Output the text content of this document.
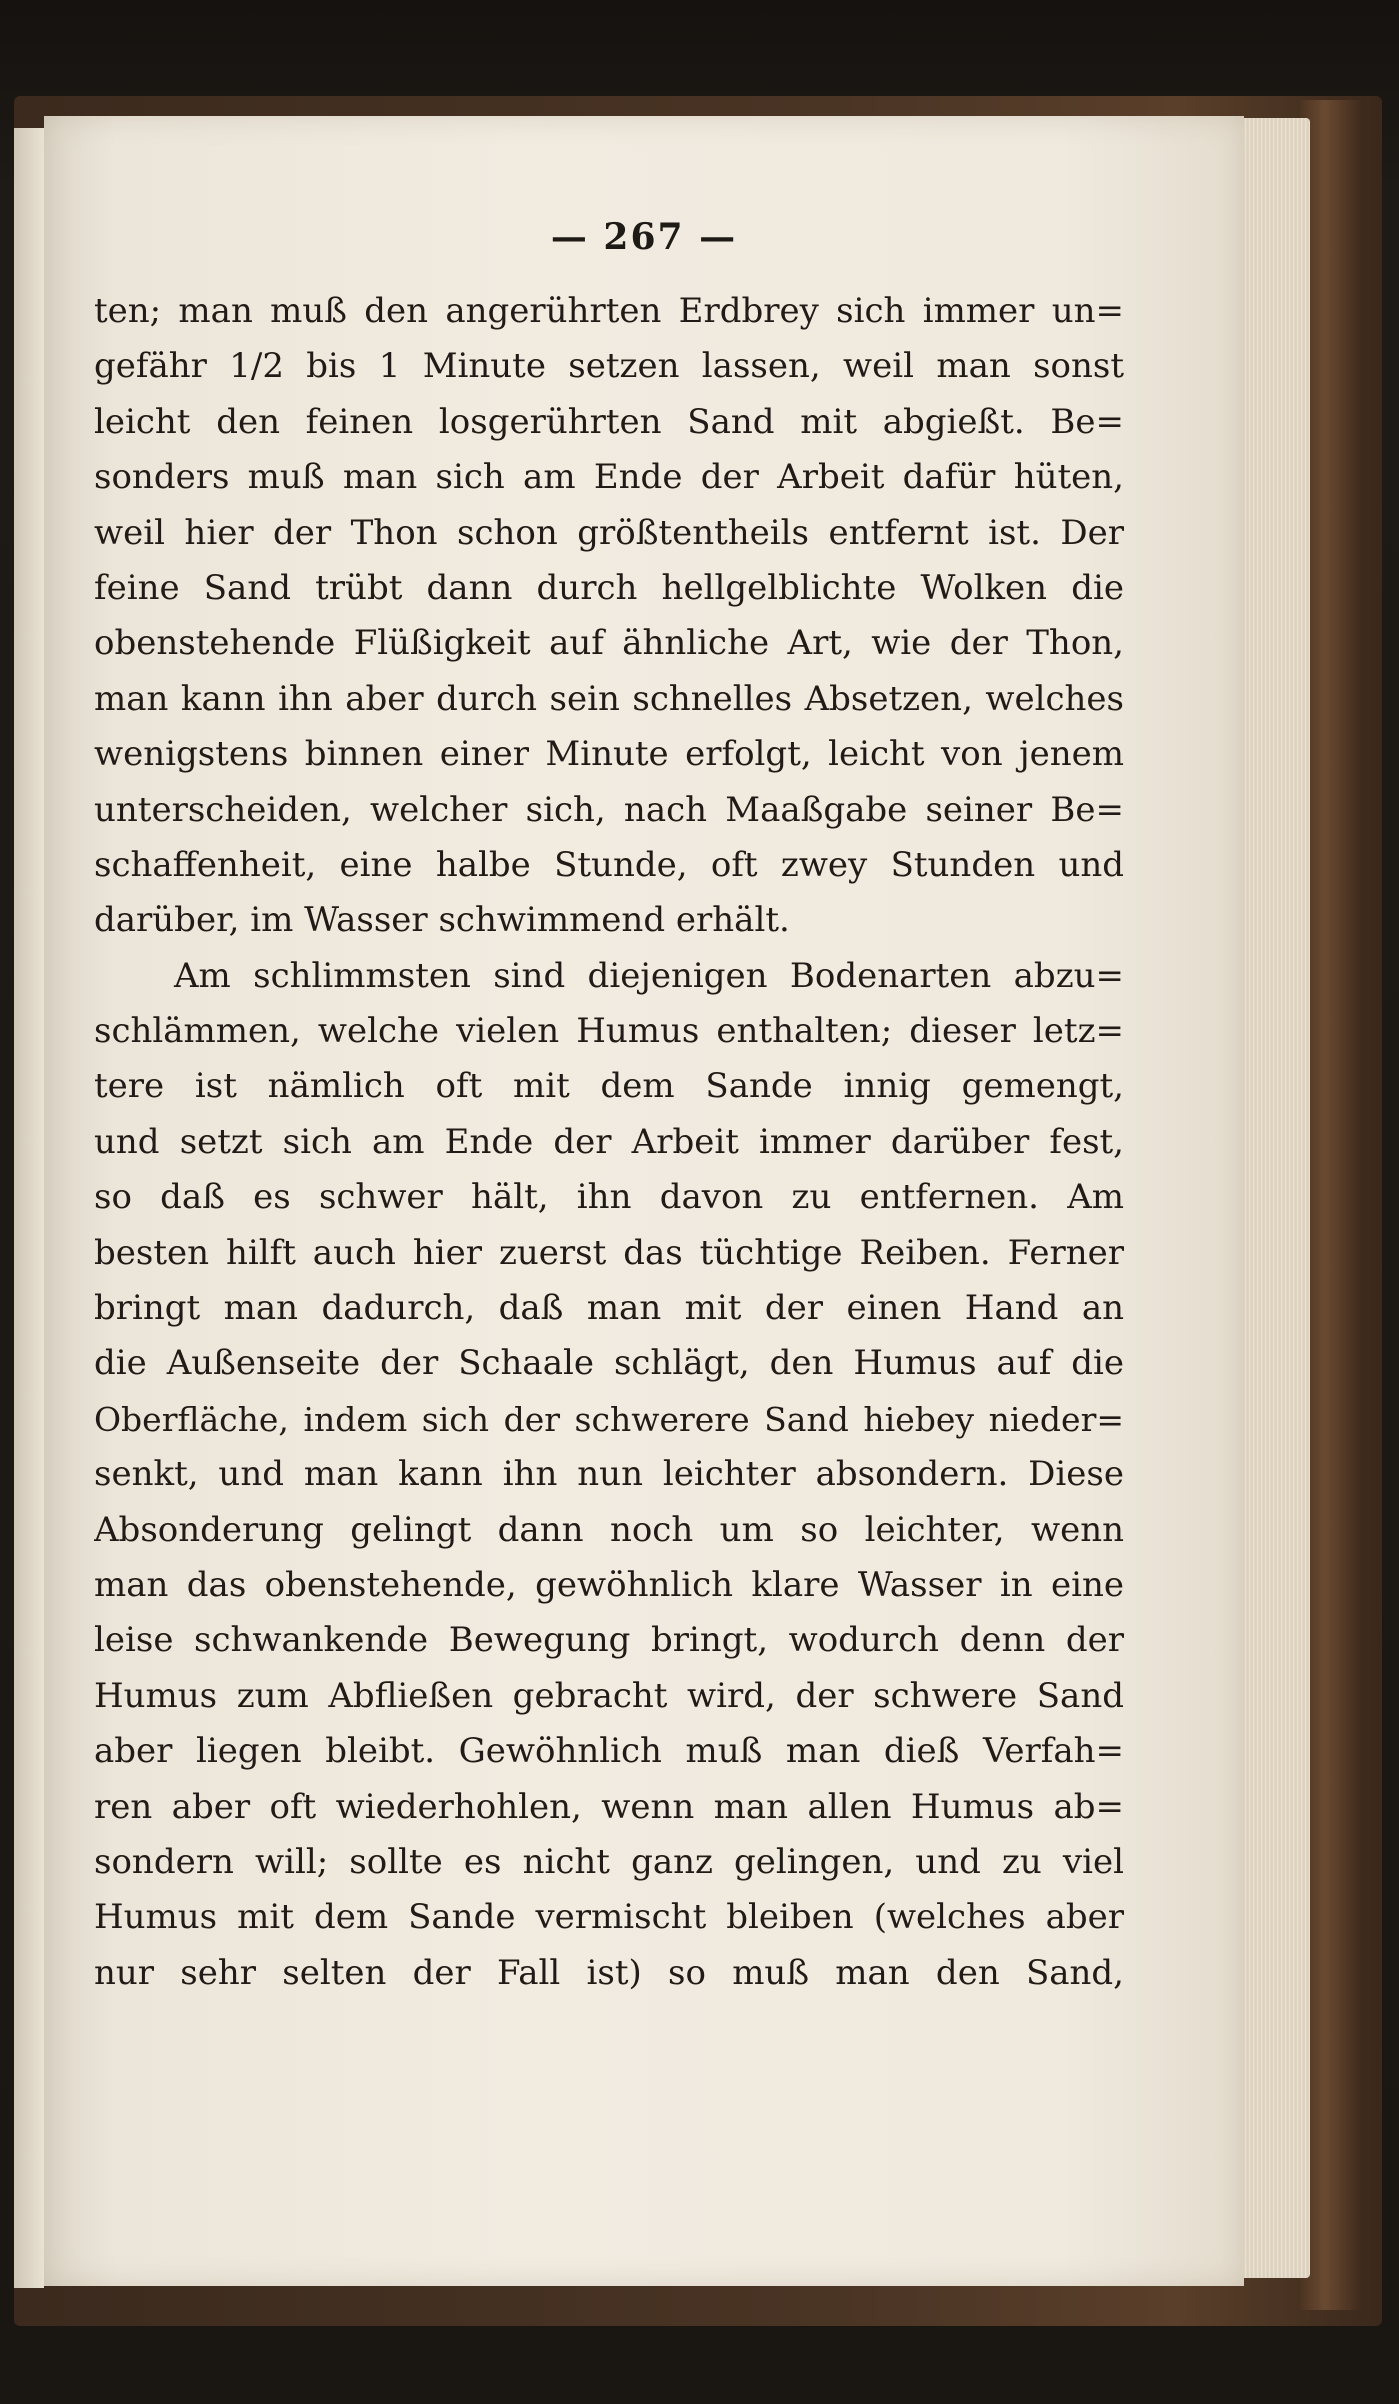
— 267 —
ten; man muß den angerührten Erdbrey sich immer un=
gefähr 1/2 bis 1 Minute setzen lassen, weil man sonst
leicht den feinen losgerührten Sand mit abgießt. Be=
sonders muß man sich am Ende der Arbeit dafür hüten,
weil hier der Thon schon größtentheils entfernt ist. Der
feine Sand trübt dann durch hellgelblichte Wolken die
obenstehende Flüßigkeit auf ähnliche Art, wie der Thon,
man kann ihn aber durch sein schnelles Absetzen, welches
wenigstens binnen einer Minute erfolgt, leicht von jenem
unterscheiden, welcher sich, nach Maaßgabe seiner Be=
schaffenheit, eine halbe Stunde, oft zwey Stunden und
darüber, im Wasser schwimmend erhält.
Am schlimmsten sind diejenigen Bodenarten abzu=
schlämmen, welche vielen Humus enthalten; dieser letz=
tere ist nämlich oft mit dem Sande innig gemengt,
und setzt sich am Ende der Arbeit immer darüber fest,
so daß es schwer hält, ihn davon zu entfernen. Am
besten hilft auch hier zuerst das tüchtige Reiben. Ferner
bringt man dadurch, daß man mit der einen Hand an
die Außenseite der Schaale schlägt, den Humus auf die
Oberfläche, indem sich der schwerere Sand hiebey nieder=
senkt, und man kann ihn nun leichter absondern. Diese
Absonderung gelingt dann noch um so leichter, wenn
man das obenstehende, gewöhnlich klare Wasser in eine
leise schwankende Bewegung bringt, wodurch denn der
Humus zum Abfließen gebracht wird, der schwere Sand
aber liegen bleibt. Gewöhnlich muß man dieß Verfah=
ren aber oft wiederhohlen, wenn man allen Humus ab=
sondern will; sollte es nicht ganz gelingen, und zu viel
Humus mit dem Sande vermischt bleiben (welches aber
nur sehr selten der Fall ist) so muß man den Sand,
